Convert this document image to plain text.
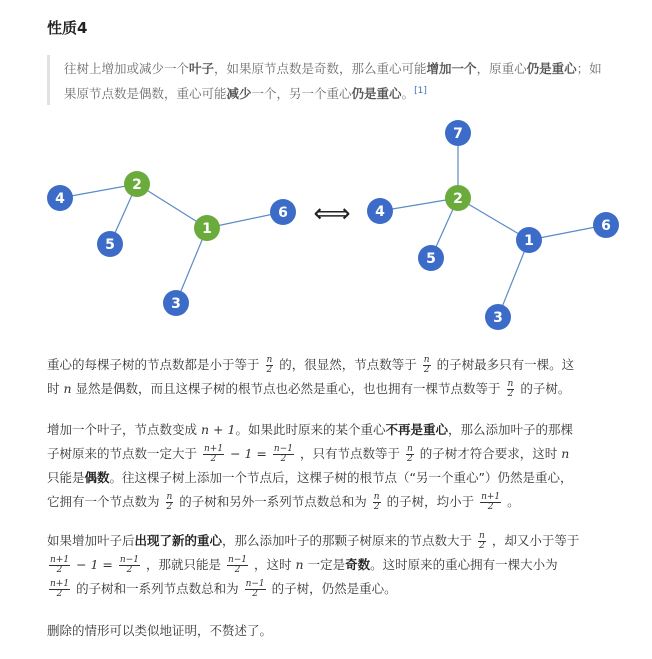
性质4
往树上增加或减少一个叶子，如果原节点数是奇数，那么重心可能增加一个，原重心仍是重心；如果原节点数是偶数，重心可能减少一个，另一个重心仍是重心。[1]
4
2
5
1
6
3
7
4
2
5
1
6
3
⟺
重心的每棵子树的节点数都是小于等于 $\frac{n}{2}$ 的，很显然，节点数等于 $\frac{n}{2}$ 的子树最多只有一棵。这
时 n 显然是偶数，而且这棵子树的根节点也必然是重心，也也拥有一棵节点数等于 $\frac{n}{2}$ 的子树。
增加一个叶子，节点数变成 n + 1。如果此时原来的某个重心不再是重心，那么添加叶子的那棵
子树原来的节点数一定大于 $\frac{n+1}{2} - 1 = \frac{n-1}{2}$ ，只有节点数等于 $\frac{n}{2}$ 的子树才符合要求，这时 n
只能是偶数。往这棵子树上添加一个节点后，这棵子树的根节点（“另一个重心”）仍然是重心，
它拥有一个节点数为 $\frac{n}{2}$ 的子树和另外一系列节点数总和为 $\frac{n}{2}$ 的子树，均小于 $\frac{n+1}{2}$ 。
如果增加叶子后出现了新的重心，那么添加叶子的那颗子树原来的节点数大于 $\frac{n}{2}$ ，却又小于等于

$\frac{n+1}{2} - 1 = \frac{n-1}{2}$ ，那就只能是 $\frac{n-1}{2}$ ，这时 n 一定是奇数。这时原来的重心拥有一棵大小为

$\frac{n+1}{2}$ 的子树和一系列节点数总和为 $\frac{n-1}{2}$ 的子树，仍然是重心。
删除的情形可以类似地证明，不赘述了。
